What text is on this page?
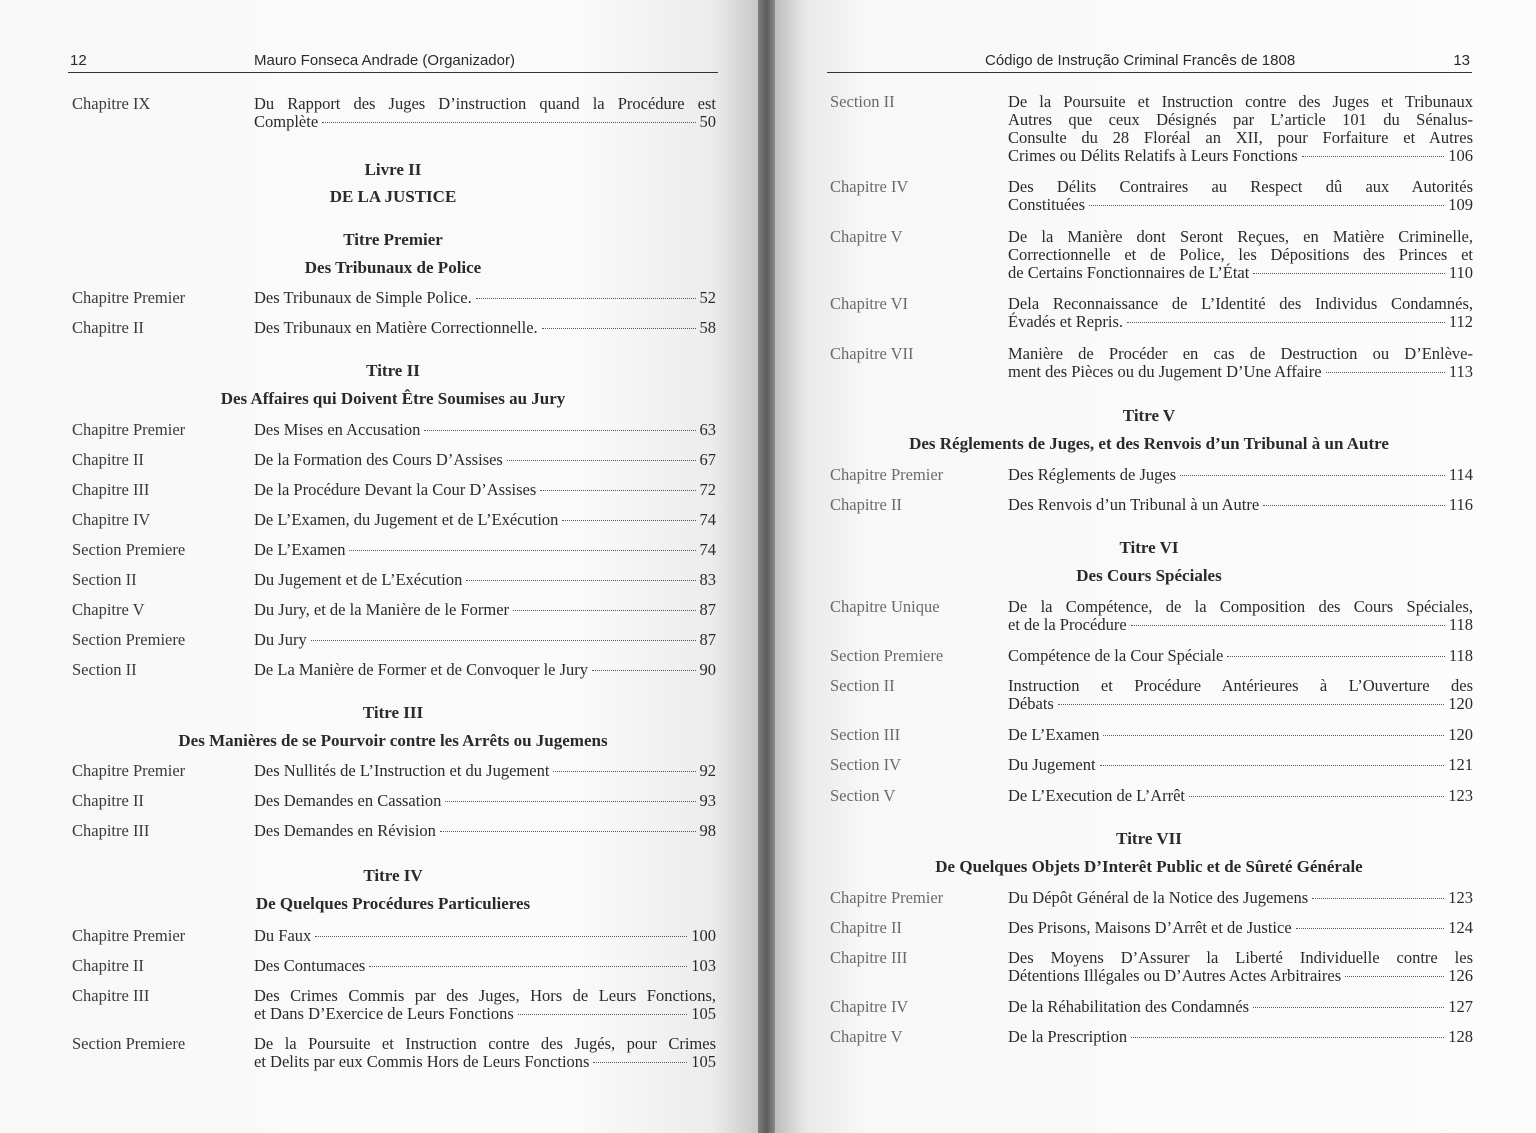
12	Mauro Fonseca Andrade (Organizador)
Chapitre IX	Du Rapport des Juges D’instruction quand la Procédure est
Complète	50
Livre II
DE LA JUSTICE
Titre Premier
Des Tribunaux de Police
Chapitre Premier	Des Tribunaux de Simple Police.	52
Chapitre II	Des Tribunaux en Matière Correctionnelle.	58
Titre II
Des Affaires qui Doivent Être Soumises au Jury
Chapitre Premier	Des Mises en Accusation	63
Chapitre II	De la Formation des Cours D’Assises	67
Chapitre III	De la Procédure Devant la Cour D’Assises	72
Chapitre IV	De L’Examen, du Jugement et de L’Exécution	74
Section Premiere	De L’Examen	74
Section II	Du Jugement et de L’Exécution	83
Chapitre V	Du Jury, et de la Manière de le Former	87
Section Premiere	Du Jury	87
Section II	De La Manière de Former et de Convoquer le Jury	90
Titre III
Des Manières de se Pourvoir contre les Arrêts ou Jugemens
Chapitre Premier	Des Nullités de L’Instruction et du Jugement	92
Chapitre II	Des Demandes en Cassation	93
Chapitre III	Des Demandes en Révision	98
Titre IV
De Quelques Procédures Particulieres
Chapitre Premier	Du Faux	100
Chapitre II	Des Contumaces	103
Chapitre III	Des Crimes Commis par des Juges, Hors de Leurs Fonctions,
et Dans D’Exercice de Leurs Fonctions	105
Section Premiere	De la Poursuite et Instruction contre des Jugés, pour Crimes
et Delits par eux Commis Hors de Leurs Fonctions	105
Código de Instrução Criminal Francês de 1808	13
Section II	De la Poursuite et Instruction contre des Juges et Tribunaux
Autres que ceux Désignés par L’article 101 du Sénalus-
Consulte du 28 Floréal an XII, pour Forfaiture et Autres
Crimes ou Délits Relatifs à Leurs Fonctions	106
Chapitre IV	Des Délits Contraires au Respect dû aux Autorités
Constituées	109
Chapitre V	De la Manière dont Seront Reçues, en Matière Criminelle,
Correctionnelle et de Police, les Dépositions des Princes et
de Certains Fonctionnaires de L’État	110
Chapitre VI	Dela Reconnaissance de L’Identité des Individus Condamnés,
Évadés et Repris.	112
Chapitre VII	Manière de Procéder en cas de Destruction ou D’Enlève-
ment des Pièces ou du Jugement D’Une Affaire	113
Titre V
Des Réglements de Juges, et des Renvois d’un Tribunal à un Autre
Chapitre Premier	Des Réglements de Juges	114
Chapitre II	Des Renvois d’un Tribunal à un Autre	116
Titre VI
Des Cours Spéciales
Chapitre Unique	De la Compétence, de la Composition des Cours Spéciales,
et de la Procédure	118
Section Premiere	Compétence de la Cour Spéciale	118
Section II	Instruction et Procédure Antérieures à L’Ouverture des
Débats	120
Section III	De L’Examen	120
Section IV	Du Jugement	121
Section V	De L’Execution de L’Arrêt	123
Titre VII
De Quelques Objets D’Interêt Public et de Sûreté Générale
Chapitre Premier	Du Dépôt Général de la Notice des Jugemens	123
Chapitre II	Des Prisons, Maisons D’Arrêt et de Justice	124
Chapitre III	Des Moyens D’Assurer la Liberté Individuelle contre les
Détentions Illégales ou D’Autres Actes Arbitraires	126
Chapitre IV	De la Réhabilitation des Condamnés	127
Chapitre V	De la Prescription	128
